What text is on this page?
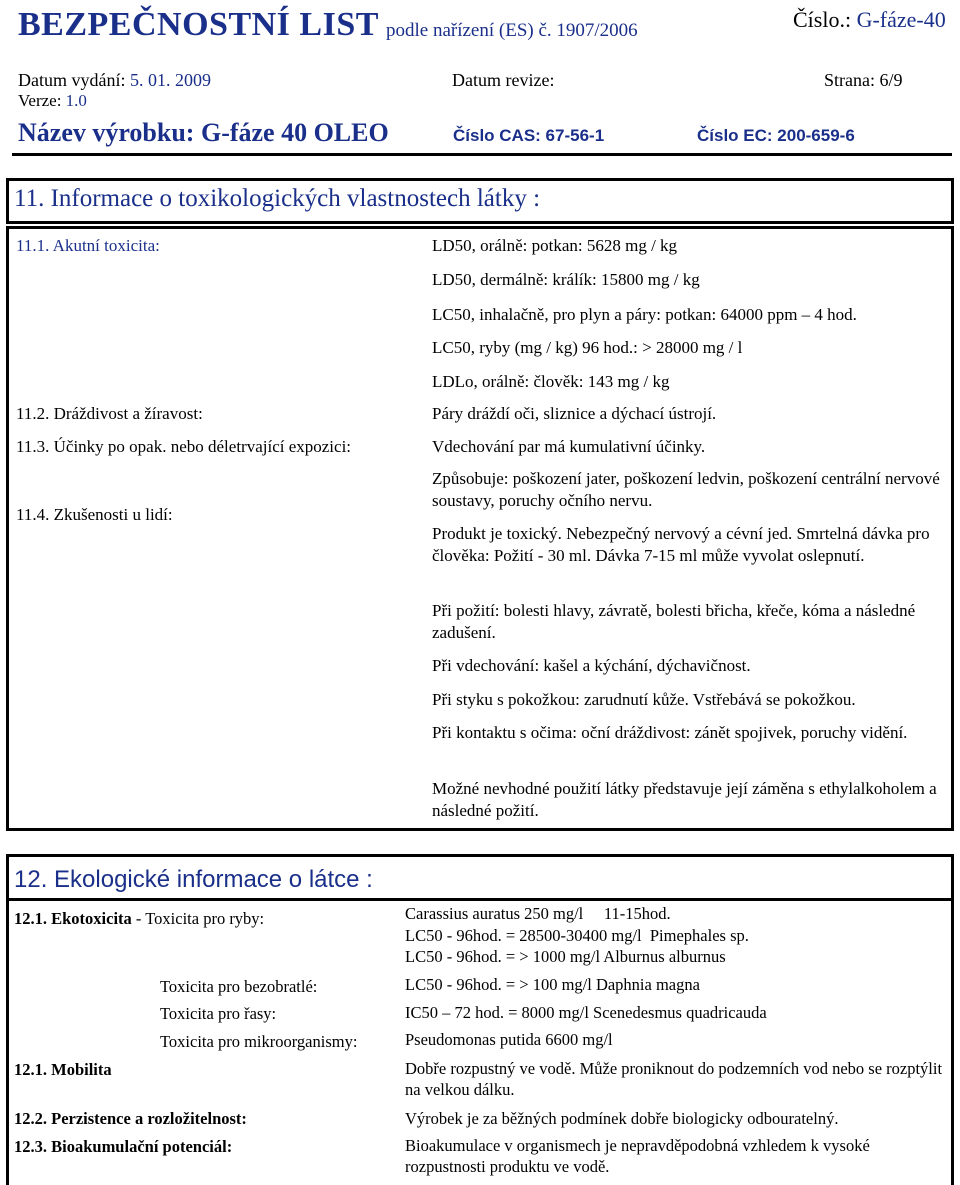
BEZPEČNOSTNÍ LIST podle nařízení (ES) č. 1907/2006	Číslo.: G-fáze-40
Datum vydání: 5. 01. 2009	Datum revize:	Strana: 6/9
Verze: 1.0
Název výrobku: G-fáze 40 OLEO	Číslo CAS: 67-56-1	Číslo EC: 200-659-6
11. Informace o toxikologických vlastnostech látky :
11.1. Akutní toxicita:	LD50, orálně: potkan: 5628 mg / kg
LD50, dermálně: králík: 15800 mg / kg
LC50, inhalačně, pro plyn a páry: potkan: 64000 ppm – 4 hod.
LC50, ryby (mg / kg) 96 hod.: > 28000 mg / l
LDLo, orálně: člověk: 143 mg / kg
11.2. Dráždivost a žíravost:	Páry dráždí oči, sliznice a dýchací ústrojí.
11.3. Účinky po opak. nebo déletrvající expozici:	Vdechování par má kumulativní účinky.
11.4. Zkušenosti u lidí:
Způsobuje: poškození jater, poškození ledvin, poškození centrální nervové soustavy, poruchy očního nervu.
Produkt je toxický. Nebezpečný nervový a cévní jed. Smrtelná dávka pro člověka: Požití - 30 ml. Dávka 7-15 ml může vyvolat oslepnutí.
Při požití: bolesti hlavy, závratě, bolesti břicha, křeče, kóma a následné zadušení.
Při vdechování: kašel a kýchání, dýchavičnost.
Při styku s pokožkou: zarudnutí kůže. Vstřebává se pokožkou.
Při kontaktu s očima: oční dráždivost: zánět spojivek, poruchy vidění.
Možné nevhodné použití látky představuje její záměna s ethylalkoholem a následné požití.
12. Ekologické informace o látce :
12.1. Ekotoxicita - Toxicita pro ryby:	Carassius auratus 250 mg/l     11-15hod.
LC50 - 96hod. = 28500-30400 mg/l  Pimephales sp.
LC50 - 96hod. = > 1000 mg/l Alburnus alburnus
Toxicita pro bezobratlé:	LC50 - 96hod. = > 100 mg/l Daphnia magna
Toxicita pro řasy:	IC50 – 72 hod. = 8000 mg/l Scenedesmus quadricauda
Toxicita pro mikroorganismy:	Pseudomonas putida 6600 mg/l
12.1. Mobilita	Dobře rozpustný ve vodě. Může proniknout do podzemních vod nebo se rozptýlit na velkou dálku.
12.2. Perzistence a rozložitelnost:	Výrobek je za běžných podmínek dobře biologicky odbouratelný.
12.3. Bioakumulační potenciál:	Bioakumulace v organismech je nepravděpodobná vzhledem k vysoké rozpustnosti produktu ve vodě.
